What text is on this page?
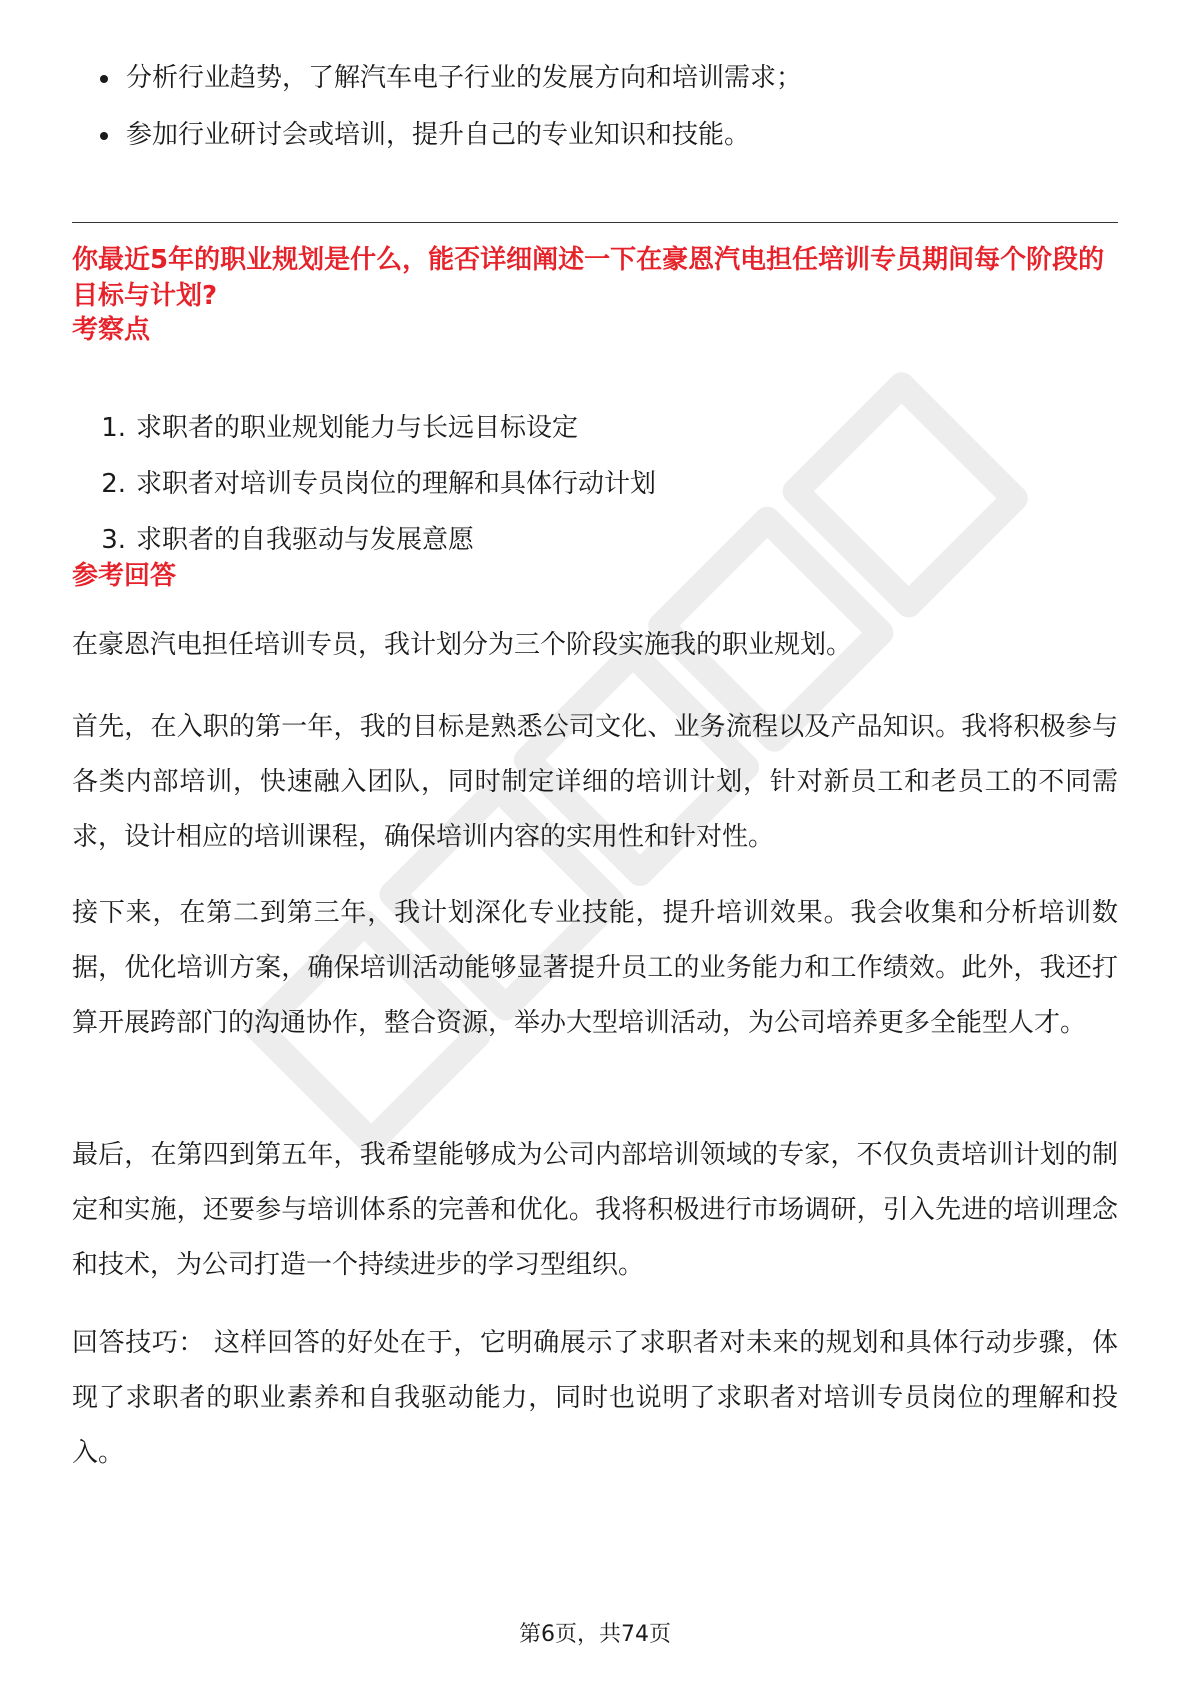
分析行业趋势，了解汽车电子行业的发展方向和培训需求；
参加行业研讨会或培训，提升自己的专业知识和技能。
你最近5年的职业规划是什么，能否详细阐述一下在豪恩汽电担任培训专员期间每个阶段的目标与计划?
考察点
1. 求职者的职业规划能力与长远目标设定
2. 求职者对培训专员岗位的理解和具体行动计划
3. 求职者的自我驱动与发展意愿
参考回答

在豪恩汽电担任培训专员，我计划分为三个阶段实施我的职业规划。

首先，在入职的第一年，我的目标是熟悉公司文化、业务流程以及产品知识。我将积极参与各类内部培训，快速融入团队，同时制定详细的培训计划，针对新员工和老员工的不同需求，设计相应的培训课程，确保培训内容的实用性和针对性。

接下来，在第二到第三年，我计划深化专业技能，提升培训效果。我会收集和分析培训数据，优化培训方案，确保培训活动能够显著提升员工的业务能力和工作绩效。此外，我还打算开展跨部门的沟通协作，整合资源，举办大型培训活动，为公司培养更多全能型人才。

最后，在第四到第五年，我希望能够成为公司内部培训领域的专家，不仅负责培训计划的制定和实施，还要参与培训体系的完善和优化。我将积极进行市场调研，引入先进的培训理念和技术，为公司打造一个持续进步的学习型组织。

回答技巧： 这样回答的好处在于，它明确展示了求职者对未来的规划和具体行动步骤，体现了求职者的职业素养和自我驱动能力，同时也说明了求职者对培训专员岗位的理解和投入。

第6页，共74页
